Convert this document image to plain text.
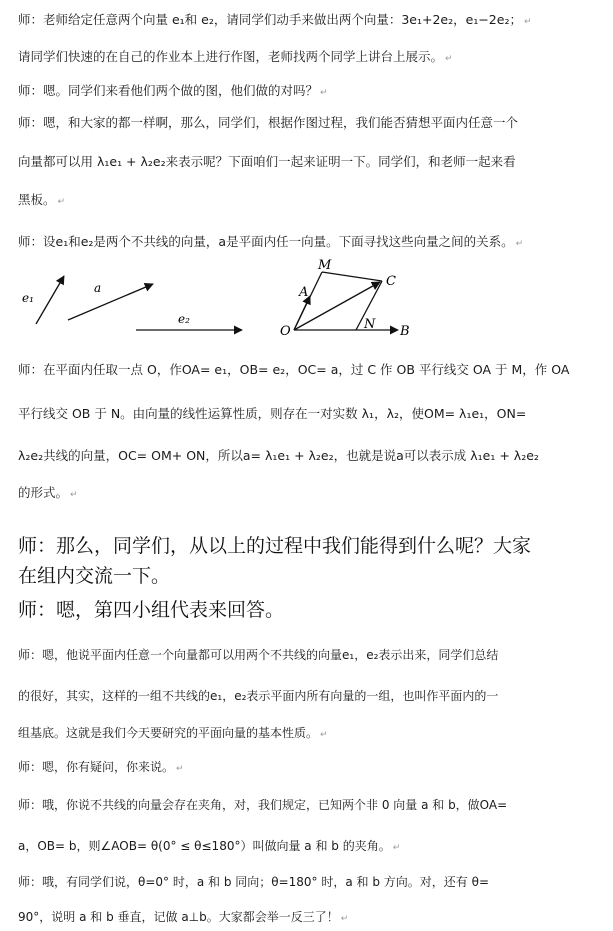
师：老师给定任意两个向量 e₁和 e₂，请同学们动手来做出两个向量：3e₁+2e₂，e₁−2e₂； ↵

请同学们快速的在自己的作业本上进行作图，老师找两个同学上讲台上展示。 ↵

师：嗯。同学们来看他们两个做的图，他们做的对吗？ ↵

师：嗯，和大家的都一样啊，那么，同学们，根据作图过程，我们能否猜想平面内任意一个

向量都可以用 λ₁e₁ + λ₂e₂来表示呢？下面咱们一起来证明一下。同学们，和老师一起来看

黑板。 ↵

师：设e₁和e₂是两个不共线的向量，a是平面内任一向量。下面寻找这些向量之间的关系。 ↵

e₁
a
e₂
O
A
M
C
N B

师：在平面内任取一点 O，作OA= e₁，OB= e₂，OC= a，过 C 作 OB 平行线交 OA 于 M，作 OA

平行线交 OB 于 N。由向量的线性运算性质，则存在一对实数 λ₁，λ₂，使OM= λ₁e₁，ON=

λ₂e₂共线的向量，OC= OM+ ON，所以a= λ₁e₁ + λ₂e₂，也就是说a可以表示成 λ₁e₁ + λ₂e₂

的形式。 ↵

师：那么，同学们，从以上的过程中我们能得到什么呢？大家

在组内交流一下。

师：嗯，第四小组代表来回答。

师：嗯，他说平面内任意一个向量都可以用两个不共线的向量e₁，e₂表示出来，同学们总结

的很好，其实，这样的一组不共线的e₁，e₂表示平面内所有向量的一组，也叫作平面内的一

组基底。这就是我们今天要研究的平面向量的基本性质。 ↵

师：嗯，你有疑问，你来说。 ↵

师：哦，你说不共线的向量会存在夹角，对，我们规定，已知两个非 0 向量 a 和 b，做OA=

a，OB= b，则∠AOB= θ(0° ≤ θ≤180°）叫做向量 a 和 b 的夹角。 ↵

师：哦，有同学们说，θ=0° 时，a 和 b 同向；θ=180° 时，a 和 b 方向。对，还有 θ=

90°，说明 a 和 b 垂直，记做 a⊥b。大家都会举一反三了！ ↵
